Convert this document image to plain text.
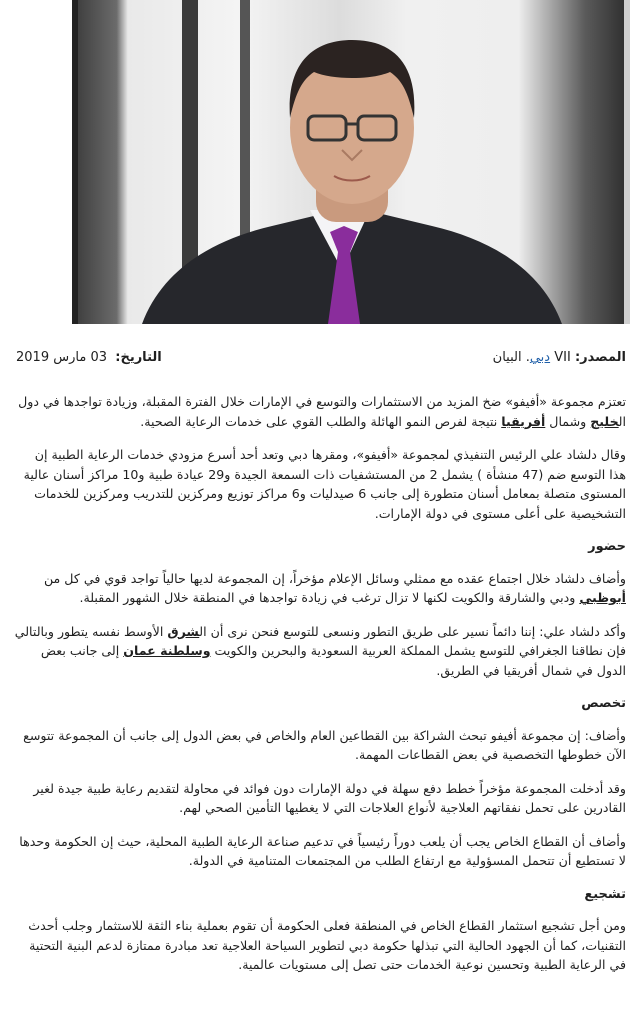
المصدر: VII دبي. البيان
التاريخ:  03 مارس 2019

تعتزم مجموعة «أفيفو» ضخ المزيد من الاستثمارات والتوسع في الإمارات خلال الفترة المقبلة، وزيادة تواجدها في دول الخليج وشمال أفريقيا نتيجة لفرص النمو الهائلة والطلب القوي على خدمات الرعاية الصحية.

وقال دلشاد علي الرئيس التنفيذي لمجموعة «أفيفو»، ومقرها دبي وتعد أحد أسرع مزودي خدمات الرعاية الطبية إن هذا التوسع ضم (47 منشأة ) يشمل 2 من المستشفيات ذات السمعة الجيدة و29 عيادة طبية و10 مراكز أسنان عالية المستوى متصلة بمعامل أسنان متطورة إلى جانب 6 صيدليات و6 مراكز توزيع ومركزين للتدريب ومركزين للخدمات التشخيصية على أعلى مستوى في دولة الإمارات.

حضور

وأضاف دلشاد خلال اجتماع عقده مع ممثلي وسائل الإعلام مؤخراً، إن المجموعة لديها حالياً تواجد قوي في كل من أبوظبي ودبي والشارقة والكويت لكنها لا تزال ترغب في زيادة تواجدها في المنطقة خلال الشهور المقبلة.

وأكد دلشاد علي: إننا دائماً نسير على طريق التطور ونسعى للتوسع فنحن نرى أن الشرق الأوسط نفسه يتطور وبالتالي فإن نطاقنا الجغرافي للتوسع يشمل المملكة العربية السعودية والبحرين والكويت وسلطنة عمان إلى جانب بعض الدول في شمال أفريقيا في الطريق.

تخصص

وأضاف: إن مجموعة أفيفو تبحث الشراكة بين القطاعين العام والخاص في بعض الدول إلى جانب أن المجموعة تتوسع الآن خطوطها التخصصية في بعض القطاعات المهمة.

وقد أدخلت المجموعة مؤخراً خطط دفع سهلة في دولة الإمارات دون فوائد في محاولة لتقديم رعاية طبية جيدة لغير القادرين على تحمل نفقاتهم العلاجية لأنواع العلاجات التي لا يغطيها التأمين الصحي لهم.

وأضاف أن القطاع الخاص يجب أن يلعب دوراً رئيسياً في تدعيم صناعة الرعاية الطبية المحلية، حيث إن الحكومة وحدها لا تستطيع أن تتحمل المسؤولية مع ارتفاع الطلب من المجتمعات المتنامية في الدولة.

تشجيع

ومن أجل تشجيع استثمار القطاع الخاص في المنطقة فعلى الحكومة أن تقوم بعملية بناء الثقة للاستثمار وجلب أحدث التقنيات، كما أن الجهود الحالية التي تبذلها حكومة دبي لتطوير السياحة العلاجية تعد مبادرة ممتازة لدعم البنية التحتية في الرعاية الطبية وتحسين نوعية الخدمات حتى تصل إلى مستويات عالمية.
